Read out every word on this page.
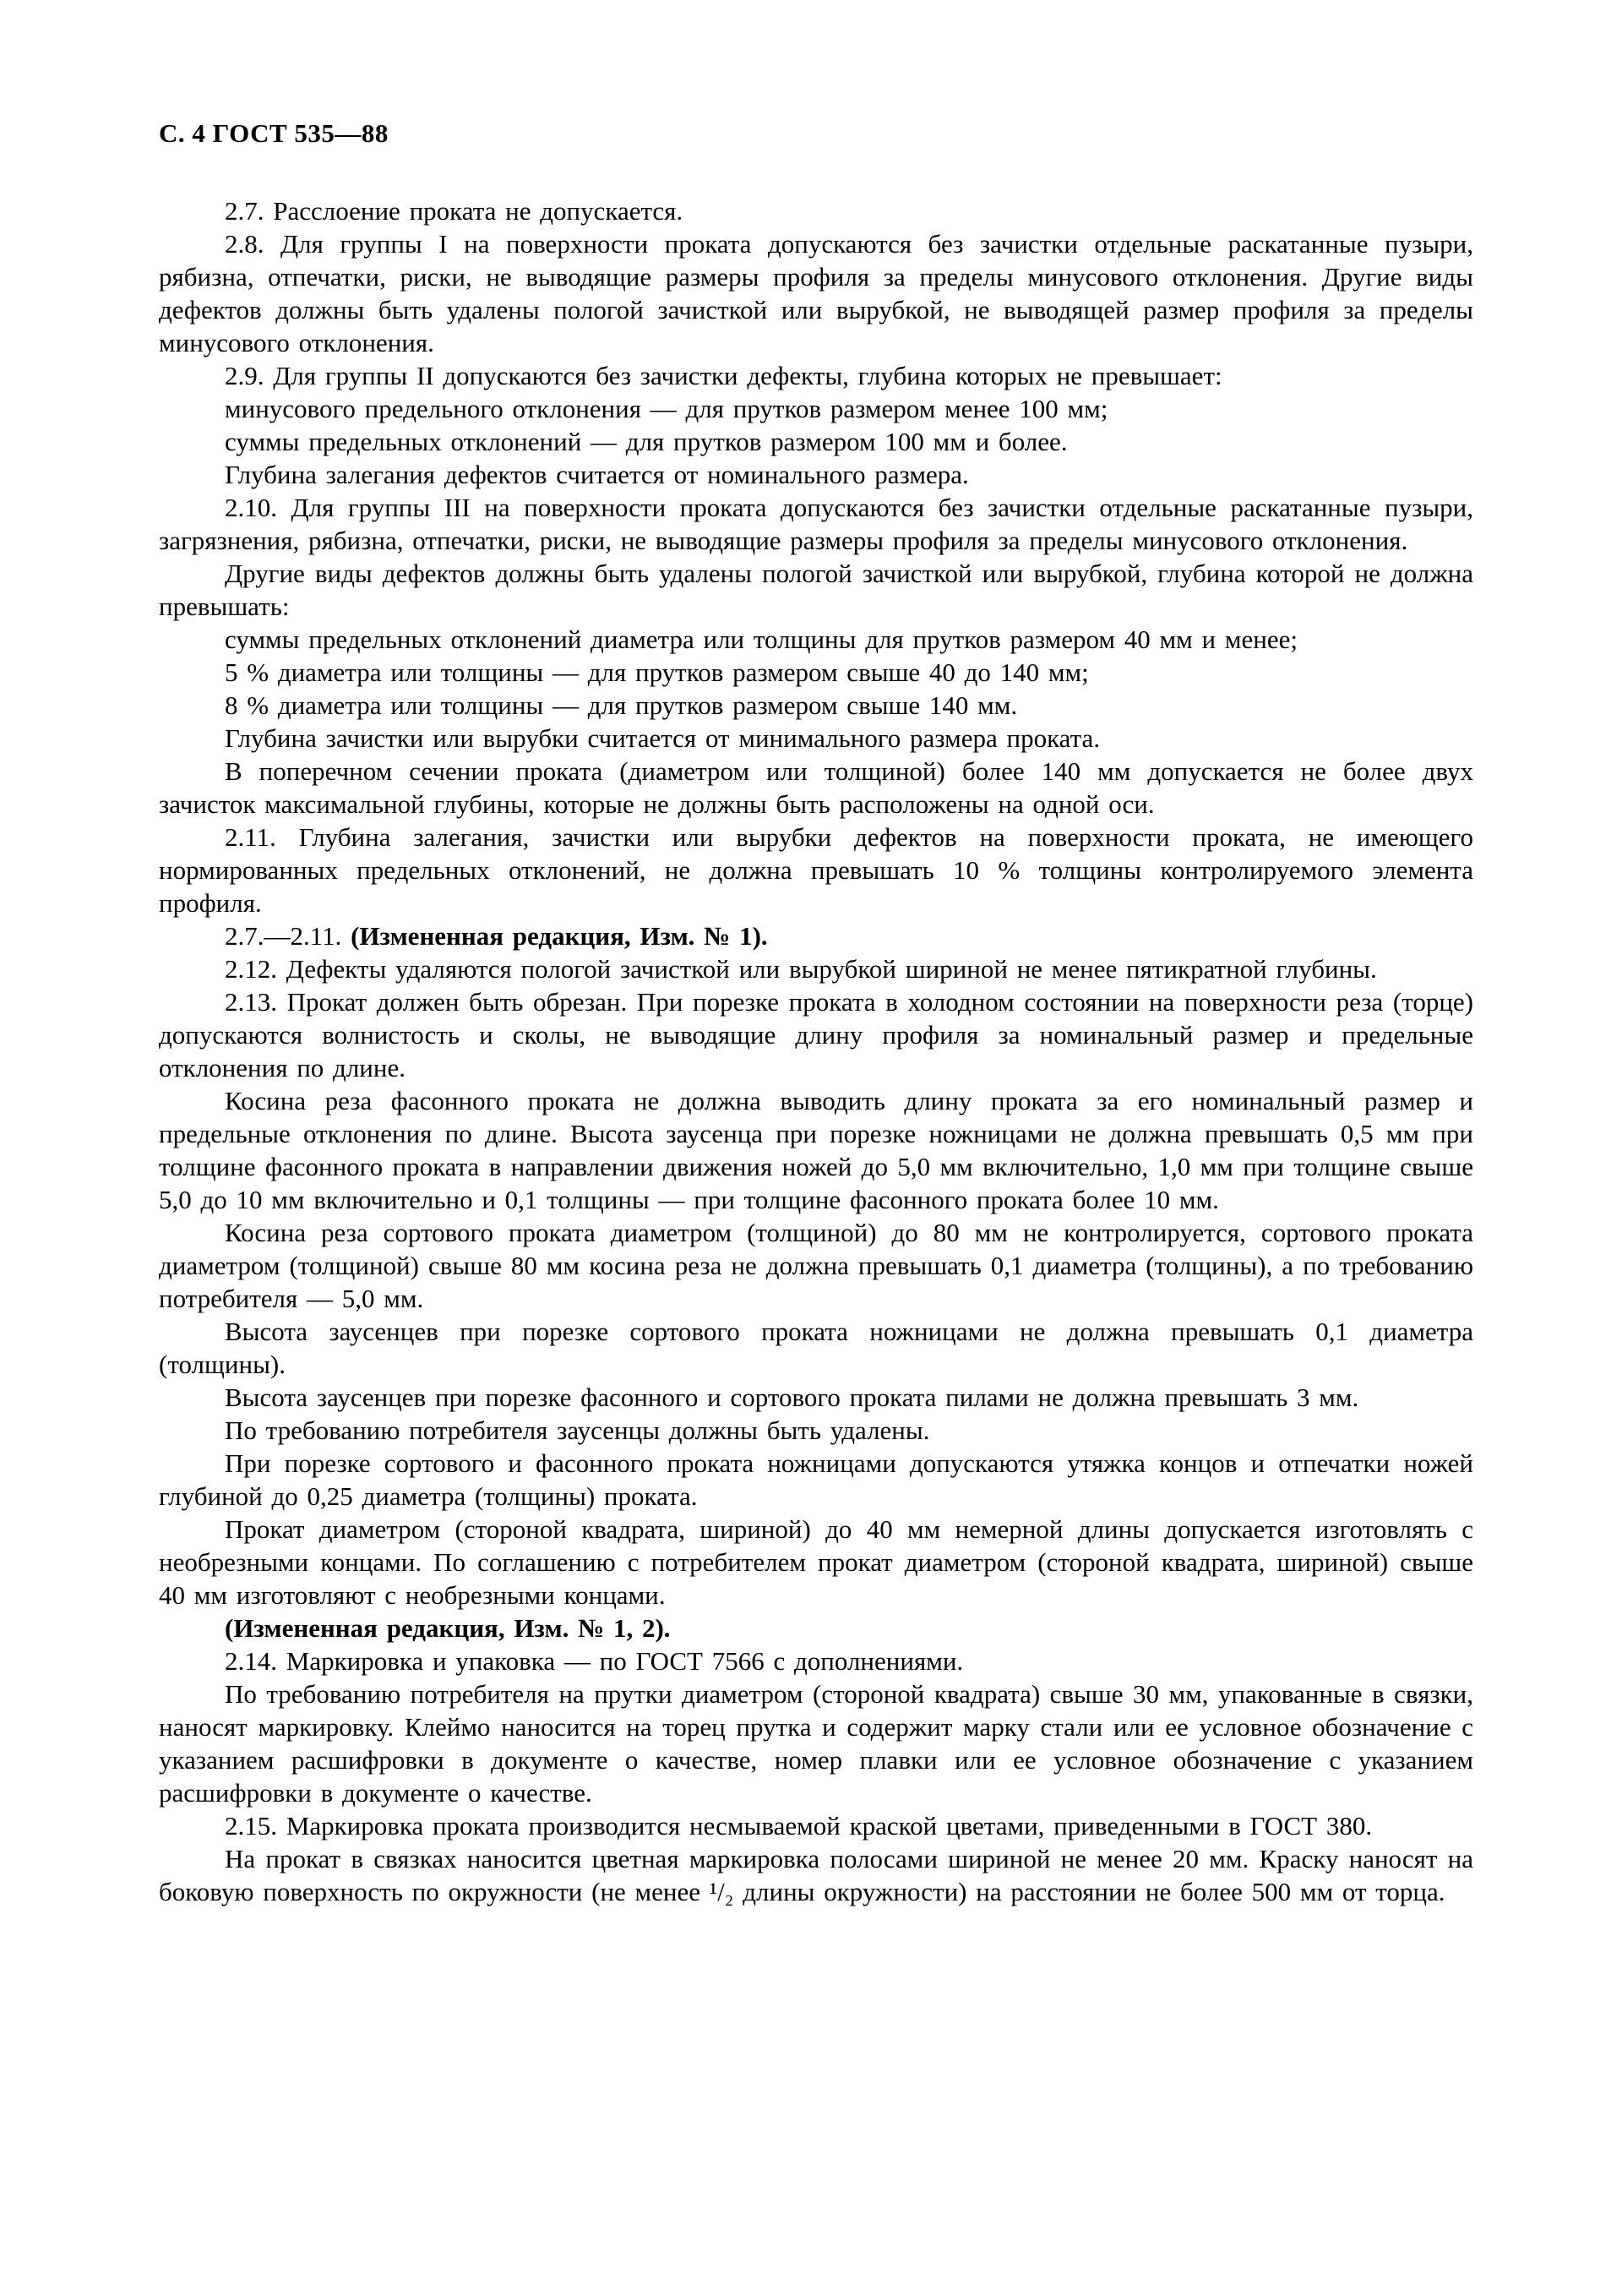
С. 4 ГОСТ 535—88

2.7. Расслоение проката не допускается.

2.8. Для группы I на поверхности проката допускаются без зачистки отдельные раскатанные пузыри, рябизна, отпечатки, риски, не выводящие размеры профиля за пределы минусового отклонения. Другие виды дефектов должны быть удалены пологой зачисткой или вырубкой, не выводящей размер профиля за пределы минусового отклонения.

2.9. Для группы II допускаются без зачистки дефекты, глубина которых не превышает:

минусового предельного отклонения — для прутков размером менее 100 мм;

суммы предельных отклонений — для прутков размером 100 мм и более.

Глубина залегания дефектов считается от номинального размера.

2.10. Для группы III на поверхности проката допускаются без зачистки отдельные раскатанные пузыри, загрязнения, рябизна, отпечатки, риски, не выводящие размеры профиля за пределы минусового отклонения.

Другие виды дефектов должны быть удалены пологой зачисткой или вырубкой, глубина которой не должна превышать:

суммы предельных отклонений диаметра или толщины для прутков размером 40 мм и менее;

5 % диаметра или толщины — для прутков размером свыше 40 до 140 мм;

8 % диаметра или толщины — для прутков размером свыше 140 мм.

Глубина зачистки или вырубки считается от минимального размера проката.

В поперечном сечении проката (диаметром или толщиной) более 140 мм допускается не более двух зачисток максимальной глубины, которые не должны быть расположены на одной оси.

2.11. Глубина залегания, зачистки или вырубки дефектов на поверхности проката, не имеющего нормированных предельных отклонений, не должна превышать 10 % толщины контролируемого элемента профиля.

2.7.—2.11. (Измененная редакция, Изм. № 1).

2.12. Дефекты удаляются пологой зачисткой или вырубкой шириной не менее пятикратной глубины.

2.13. Прокат должен быть обрезан. При порезке проката в холодном состоянии на поверхности реза (торце) допускаются волнистость и сколы, не выводящие длину профиля за номинальный размер и предельные отклонения по длине.

Косина реза фасонного проката не должна выводить длину проката за его номинальный размер и предельные отклонения по длине. Высота заусенца при порезке ножницами не должна превышать 0,5 мм при толщине фасонного проката в направлении движения ножей до 5,0 мм включительно, 1,0 мм при толщине свыше 5,0 до 10 мм включительно и 0,1 толщины — при толщине фасонного проката более 10 мм.

Косина реза сортового проката диаметром (толщиной) до 80 мм не контролируется, сортового проката диаметром (толщиной) свыше 80 мм косина реза не должна превышать 0,1 диаметра (толщины), а по требованию потребителя — 5,0 мм.

Высота заусенцев при порезке сортового проката ножницами не должна превышать 0,1 диаметра (толщины).

Высота заусенцев при порезке фасонного и сортового проката пилами не должна превышать 3 мм.

По требованию потребителя заусенцы должны быть удалены.

При порезке сортового и фасонного проката ножницами допускаются утяжка концов и отпечатки ножей глубиной до 0,25 диаметра (толщины) проката.

Прокат диаметром (стороной квадрата, шириной) до 40 мм немерной длины допускается изготовлять с необрезными концами. По соглашению с потребителем прокат диаметром (стороной квадрата, шириной) свыше 40 мм изготовляют с необрезными концами.

(Измененная редакция, Изм. № 1, 2).

2.14. Маркировка и упаковка — по ГОСТ 7566 с дополнениями.

По требованию потребителя на прутки диаметром (стороной квадрата) свыше 30 мм, упакованные в связки, наносят маркировку. Клеймо наносится на торец прутка и содержит марку стали или ее условное обозначение с указанием расшифровки в документе о качестве, номер плавки или ее условное обозначение с указанием расшифровки в документе о качестве.

2.15. Маркировка проката производится несмываемой краской цветами, приведенными в ГОСТ 380.

На прокат в связках наносится цветная маркировка полосами шириной не менее 20 мм. Краску наносят на боковую поверхность по окружности (не менее ¹/₂ длины окружности) на расстоянии не более 500 мм от торца.
